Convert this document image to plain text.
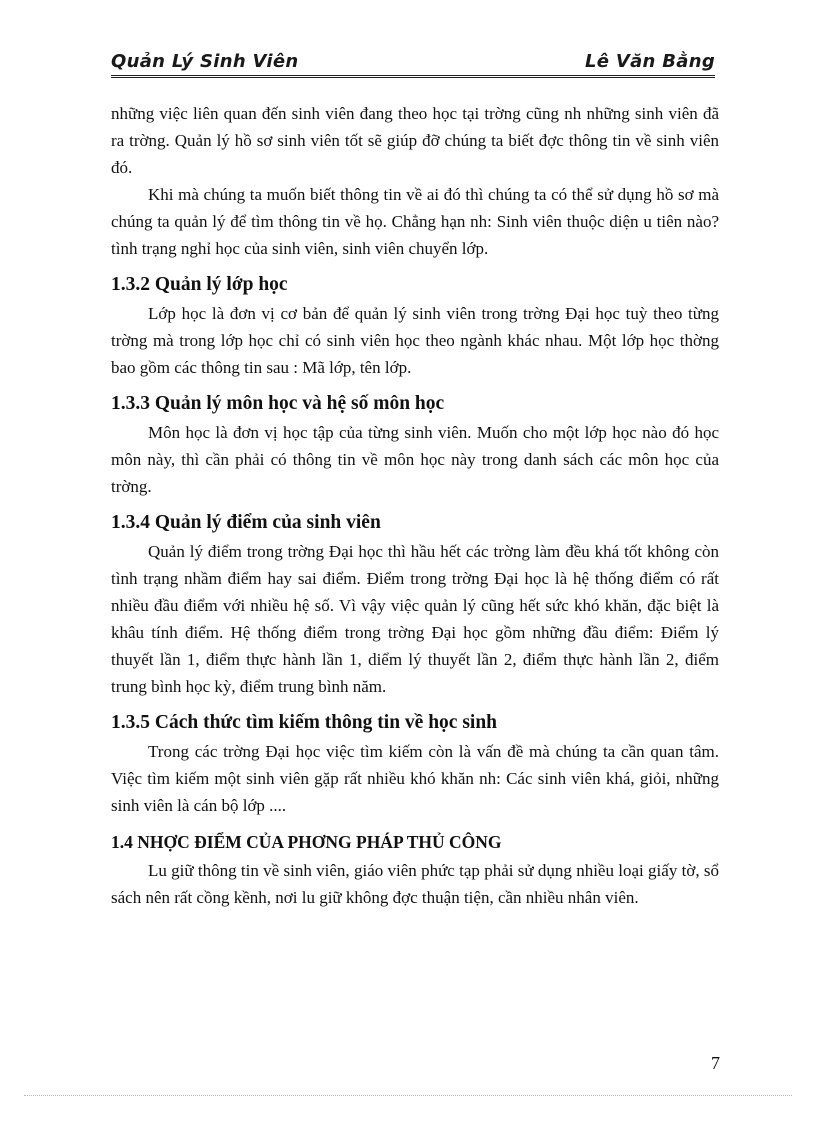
Quản Lý Sinh Viên	Lê Văn Bằng

những việc liên quan đến sinh viên đang theo học tại trờng cũng nh những sinh viên đã ra trờng. Quản lý hồ sơ sinh viên tốt sẽ giúp đỡ chúng ta biết đợc thông tin về sinh viên đó.

Khi mà chúng ta muốn biết thông tin về ai đó thì chúng ta có thể sử dụng hồ sơ mà chúng ta quản lý để tìm thông tin về họ. Chẳng hạn nh: Sinh viên thuộc diện u tiên nào? tình trạng nghỉ học của sinh viên, sinh viên chuyển lớp.

1.3.2 Quản lý lớp học

Lớp học là đơn vị cơ bản để quản lý sinh viên trong trờng Đại học tuỳ theo từng trờng mà trong lớp học chỉ có sinh viên học theo ngành khác nhau. Một lớp học thờng bao gồm các thông tin sau : Mã lớp, tên lớp.

1.3.3 Quản lý môn học và hệ số môn học

Môn học là đơn vị học tập của từng sinh viên. Muốn cho một lớp học nào đó học môn này, thì cần phải có thông tin về môn học này trong danh sách các môn học của trờng.

1.3.4 Quản lý điểm của sinh viên

Quản lý điểm trong trờng Đại học thì hầu hết các trờng làm đều khá tốt không còn tình trạng nhầm điểm hay sai điểm. Điểm trong trờng Đại học là hệ thống điểm có rất nhiều đầu điểm với nhiều hệ số. Vì vậy việc quản lý cũng hết sức khó khăn, đặc biệt là khâu tính điểm. Hệ thống điểm trong trờng Đại học gồm những đầu điểm: Điểm lý thuyết lần 1, điểm thực hành lần 1, diểm lý thuyết lần 2, điểm thực hành lần 2, điểm trung bình học kỳ, điểm trung bình năm.

1.3.5 Cách thức tìm kiếm thông tin về học sinh

Trong các trờng Đại học việc tìm kiếm còn là vấn đề mà chúng ta cần quan tâm. Việc tìm kiếm một sinh viên gặp rất nhiều khó khăn nh: Các sinh viên khá, giỏi, những sinh viên là cán bộ lớp ....

1.4 NHỢC ĐIỂM CỦA PHƠNG PHÁP THỦ CÔNG

Lu giữ thông tin về sinh viên, giáo viên phức tạp phải sử dụng nhiều loại giấy tờ, sổ sách nên rất cồng kềnh, nơi lu giữ không đợc thuận tiện, cần nhiều nhân viên.

7
